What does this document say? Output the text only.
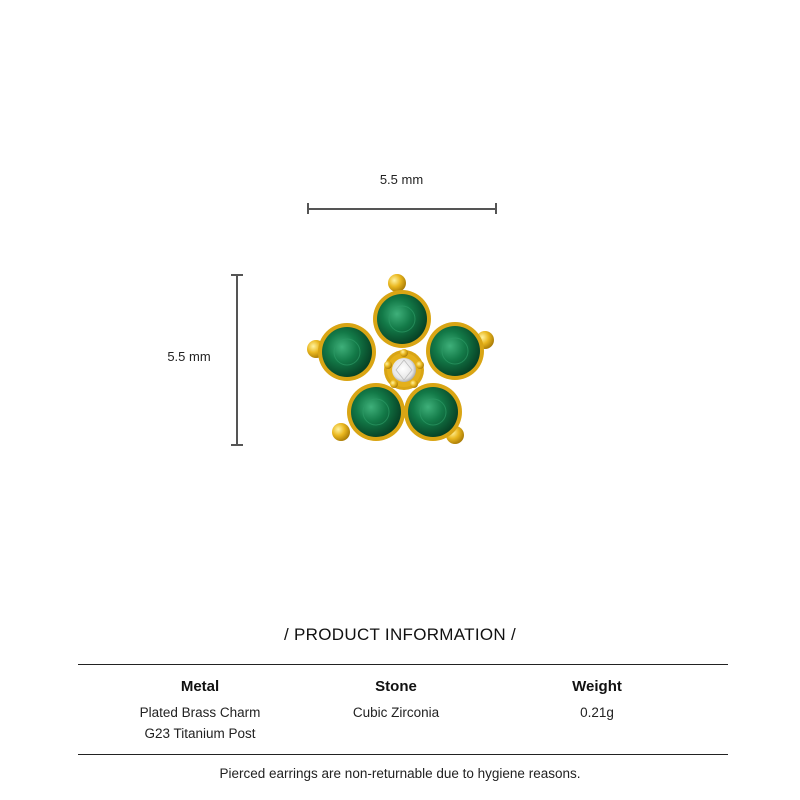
5.5 mm
5.5 mm
/ PRODUCT INFORMATION /
Metal
Plated Brass Charm
G23 Titanium Post
Stone
Cubic Zirconia
Weight
0.21g
Pierced earrings are non-returnable due to hygiene reasons.
